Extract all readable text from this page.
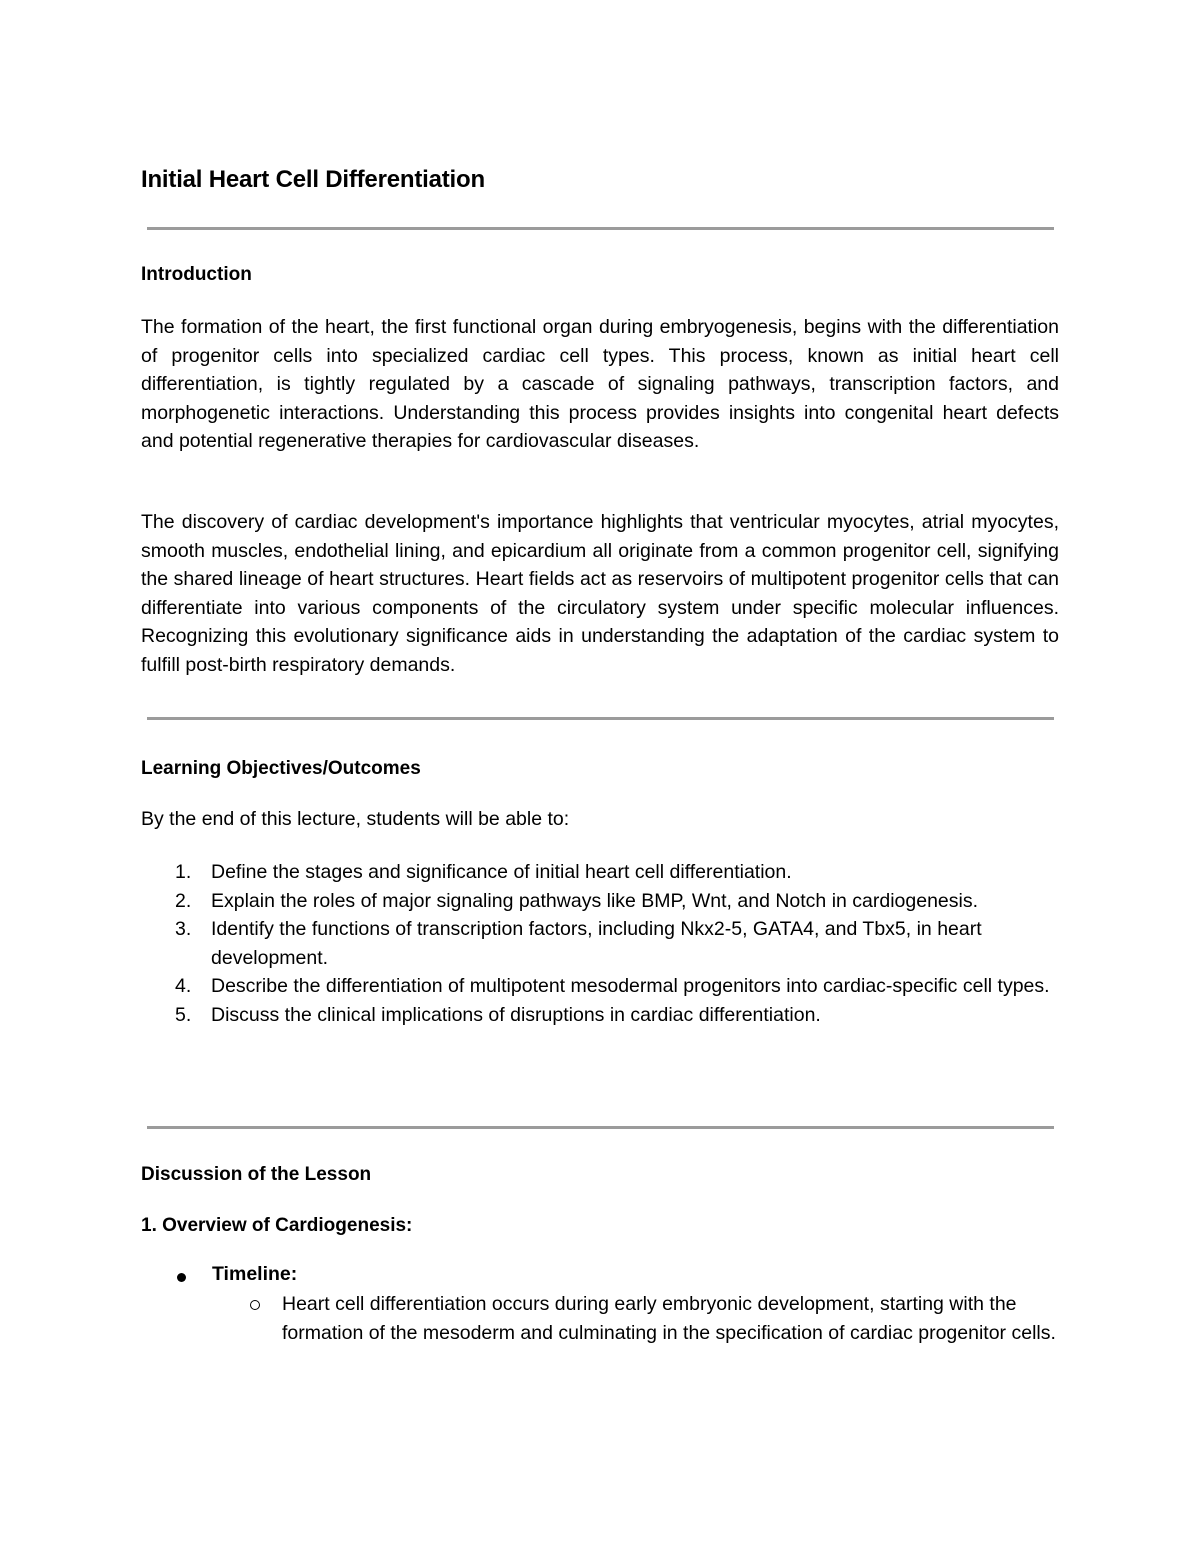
Initial Heart Cell Differentiation
Introduction
The formation of the heart, the first functional organ during embryogenesis, begins with the differentiation of progenitor cells into specialized cardiac cell types. This process, known as initial heart cell differentiation, is tightly regulated by a cascade of signaling pathways, transcription factors, and morphogenetic interactions. Understanding this process provides insights into congenital heart defects and potential regenerative therapies for cardiovascular diseases.
The discovery of cardiac development's importance highlights that ventricular myocytes, atrial myocytes, smooth muscles, endothelial lining, and epicardium all originate from a common progenitor cell, signifying the shared lineage of heart structures. Heart fields act as reservoirs of multipotent progenitor cells that can differentiate into various components of the circulatory system under specific molecular influences. Recognizing this evolutionary significance aids in understanding the adaptation of the cardiac system to fulfill post-birth respiratory demands.
Learning Objectives/Outcomes
By the end of this lecture, students will be able to:
1. Define the stages and significance of initial heart cell differentiation.
2. Explain the roles of major signaling pathways like BMP, Wnt, and Notch in cardiogenesis.
3. Identify the functions of transcription factors, including Nkx2-5, GATA4, and Tbx5, in heart development.
4. Describe the differentiation of multipotent mesodermal progenitors into cardiac-specific cell types.
5. Discuss the clinical implications of disruptions in cardiac differentiation.
Discussion of the Lesson
1. Overview of Cardiogenesis:
Timeline:
Heart cell differentiation occurs during early embryonic development, starting with the formation of the mesoderm and culminating in the specification of cardiac progenitor cells.
